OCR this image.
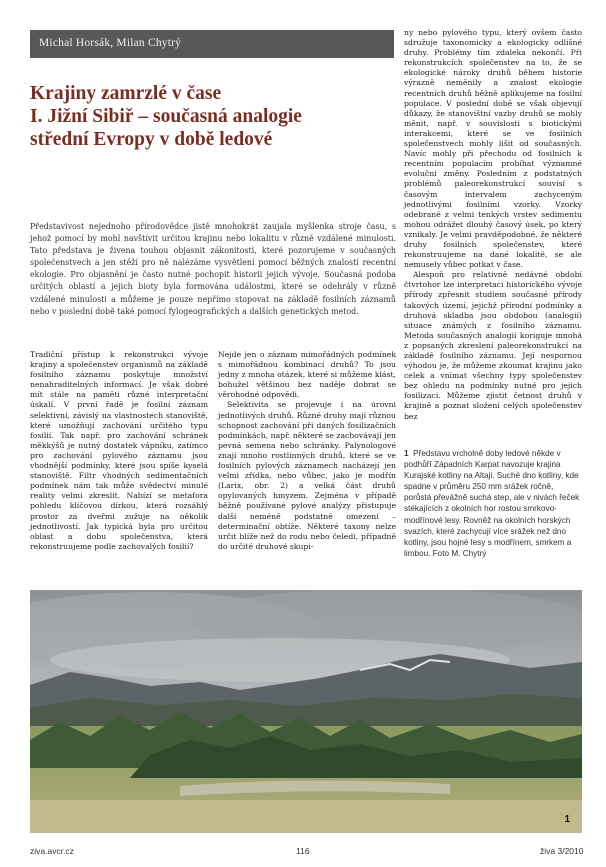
Michal Horsák, Milan Chytrý
Krajiny zamrzlé v čase
I. Jižní Sibiř – současná analogie
střední Evropy v době ledové

Představivost nejednoho přírodovědce jistě mnohokrát zaujala myšlenka stroje času, s jehož pomocí by mohl navštívit určitou krajinu nebo lokalitu v různě vzdálené minulosti. Tato představa je živena touhou objasnit zákonitosti, které pozorujeme v současných společenstvech a jen stěží pro ně nalézáme vysvětlení pomocí běžných znalostí recentní ekologie. Pro objasnění je často nutné pochopit historii jejich vývoje. Současná podoba určitých oblastí a jejich bioty byla formována událostmi, které se odehrály v různě vzdálené minulosti a můžeme je pouze nepřímo stopovat na základě fosilních záznamů nebo v poslední době také pomocí fylogeografických a dalších genetických metod.

Tradiční přístup k rekonstrukci vývoje krajiny a společenstev organismů na základě fosilního záznamu poskytuje množství nenahraditelných informací. Je však dobré mít stále na paměti různé interpretační úskalí. V první řadě je fosilní záznam selektivní, závislý na vlastnostech stanoviště, které umožňují zachování určitého typu fosilií. Tak např. pro zachování schránek měkkýšů je nutný dostatek vápníku, zatímco pro zachování pylového záznamu jsou vhodnější podmínky, které jsou spíše kyselá stanoviště. Filtr vhodných sedimentačních podmínek nám tak může svědectví minulé reality velmi zkreslit. Nabízí se metafora pohledu klíčovou dírkou, která rozsáhlý prostor za dveřmi zužuje na několik jednotlivostí. Jak typická byla pro určitou oblast a dobu společenstva, která rekonstruujeme podle zachovalých fosilií?

Nejde jen o záznam mimořádných podmínek s mimořádnou kombinací druhů? To jsou jedny z mnoha otázek, které si můžeme klást, bohužel většinou bez naděje dobrat se věrohodné odpovědi.

Selektivita se projevuje i na úrovni jednotlivých druhů. Různé druhy mají různou schopnost zachování při daných fosilizačních podmínkách, např. některé se zachovávají jen pevná semena nebo schránky. Palynologové znají mnoho rostlinných druhů, které se ve fosilních pylových záznamech nacházejí jen velmi zřídka, nebo vůbec, jako je modřín (Larix, obr. 2) a velká část druhů opylovaných hmyzem. Zejména v případě běžně používané pylové analýzy přistupuje další neméně podstatné omezení – determinační obtíže. Některé taxony nelze určit blíže než do rodu nebo čeledi, případně do určité druhové skupi-

ny nebo pylového typu, který ovšem často sdružuje taxonomicky a ekologicky odlišné druhy. Problémy tím zdaleka nekončí. Při rekonstrukcích společenstev na to, že se ekologické nároky druhů během historie výrazně neměnily a znalost ekologie recentních druhů běžně aplikujeme na fosilní populace. V poslední době se však objevují důkazy, že stanovištní vazby druhů se mohly měnit, např. v souvislosti s biotickými interakcemi, které se ve fosilních společenstvech mohly lišit od současných. Navíc mohly při přechodu od fosilních k recentním populacím probíhat významné evoluční změny. Posledním z podstatných problémů paleorekonstrukcí souvisí s časovým intervalem zachyceným jednotlivými fosilními vzorky. Vzorky odebrané z velmi tenkých vrstev sedimentu mohou odrážet dlouhý časový úsek, po který vznikaly. Je velmi pravděpodobné, že některé druhy fosilních společenstev, které rekonstruujeme na dané lokalitě, se ale nemusely vůbec potkat v čase.

Alespoň pro relativně nedávné období čtvrtohor lze interpretaci historického vývoje přírody zpřesnit studiem současné přírody takových území, jejichž přírodní podmínky a druhová skladba jsou obdobou (analogií) situace známých z fosilního záznamu. Metoda současných analogií koriguje mnohá z popsaných zkreslení paleorekonstrukcí na základě fosilního záznamu. Její nespornou výhodou je, že můžeme zkoumat krajinu jako celek a vnímat všechny typy společenstev bez ohledu na podmínky nutné pro jejich fosilizaci. Můžeme zjistit četnost druhů v krajině a poznat složení celých společenstev bez

1 Představu vrcholně doby ledové někde v podhůří Západních Karpat navozuje krajina Kurajské kotliny na Altaji. Suché dno kotliny, kde spadne v průměru 250 mm srážek ročně, porůstá převážně suchá step, ale v nivách řeček stékajících z okolních hor rostou smrkovo-modřínové lesy. Rovněž na okolních horských svazích, které zachycují více srážek než dno kotliny, jsou hojné lesy s modřínem, smrkem a limbou. Foto M. Chytrý

1
ziva.avcr.cz	116	živa 3/2010
